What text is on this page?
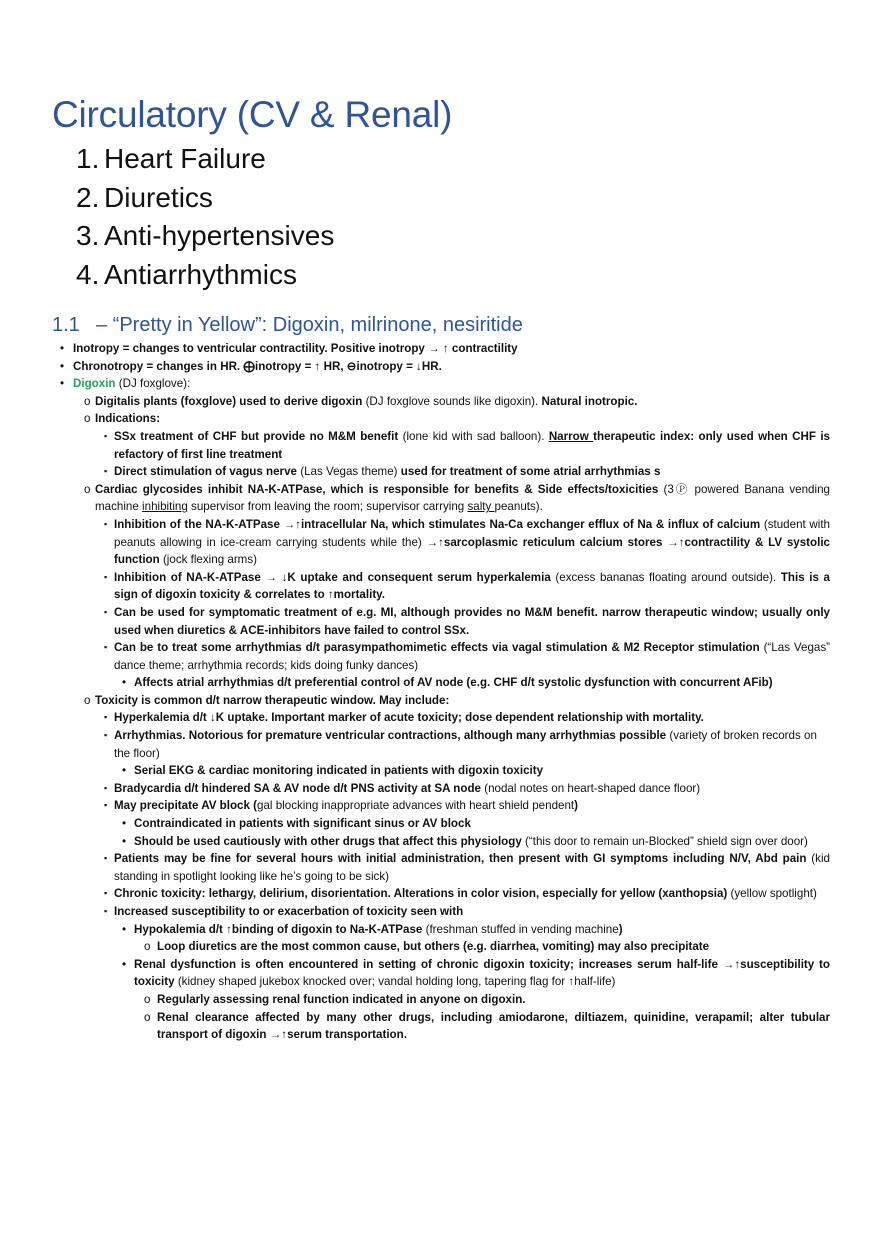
Circulatory (CV & Renal)
1. Heart Failure
2. Diuretics
3. Anti-hypertensives
4. Antiarrhythmics
1.1 – “Pretty in Yellow”: Digoxin, milrinone, nesiritide
• Inotropy = changes to ventricular contractility. Positive inotropy → ↑ contractility
• Chronotropy = changes in HR. ⨁inotropy = ↑ HR, ⊖inotropy = ↓HR.
• Digoxin (DJ foxglove):
o Digitalis plants (foxglove) used to derive digoxin (DJ foxglove sounds like digoxin). Natural inotropic.
o Indications:
▪ SSx treatment of CHF but provide no M&M benefit (lone kid with sad balloon). Narrow therapeutic index: only used when CHF is refactory of first line treatment
▪ Direct stimulation of vagus nerve (Las Vegas theme) used for treatment of some atrial arrhythmias s
o Cardiac glycosides inhibit NA-K-ATPase, which is responsible for benefits & Side effects/toxicities (3Ⓟ powered Banana vending machine inhibiting supervisor from leaving the room; supervisor carrying salty peanuts).
▪ Inhibition of the NA-K-ATPase →↑intracellular Na, which stimulates Na-Ca exchanger efflux of Na & influx of calcium (student with peanuts allowing in ice-cream carrying students while the) →↑sarcoplasmic reticulum calcium stores →↑contractility & LV systolic function (jock flexing arms)
▪ Inhibition of NA-K-ATPase → ↓K uptake and consequent serum hyperkalemia (excess bananas floating around outside). This is a sign of digoxin toxicity & correlates to ↑mortality.
▪ Can be used for symptomatic treatment of e.g. MI, although provides no M&M benefit. narrow therapeutic window; usually only used when diuretics & ACE-inhibitors have failed to control SSx.
▪ Can be to treat some arrhythmias d/t parasympathomimetic effects via vagal stimulation & M2 Receptor stimulation (“Las Vegas” dance theme; arrhythmia records; kids doing funky dances)
• Affects atrial arrhythmias d/t preferential control of AV node (e.g. CHF d/t systolic dysfunction with concurrent AFib)
o Toxicity is common d/t narrow therapeutic window. May include:
▪ Hyperkalemia d/t ↓K uptake. Important marker of acute toxicity; dose dependent relationship with mortality.
▪ Arrhythmias. Notorious for premature ventricular contractions, although many arrhythmias possible (variety of broken records on the floor)
• Serial EKG & cardiac monitoring indicated in patients with digoxin toxicity
▪ Bradycardia d/t hindered SA & AV node d/t PNS activity at SA node (nodal notes on heart-shaped dance floor)
▪ May precipitate AV block (gal blocking inappropriate advances with heart shield pendent)
• Contraindicated in patients with significant sinus or AV block
• Should be used cautiously with other drugs that affect this physiology (“this door to remain un-Blocked” shield sign over door)
▪ Patients may be fine for several hours with initial administration, then present with GI symptoms including N/V, Abd pain (kid standing in spotlight looking like he’s going to be sick)
▪ Chronic toxicity: lethargy, delirium, disorientation. Alterations in color vision, especially for yellow (xanthopsia) (yellow spotlight)
▪ Increased susceptibility to or exacerbation of toxicity seen with
• Hypokalemia d/t ↑binding of digoxin to Na-K-ATPase (freshman stuffed in vending machine)
o Loop diuretics are the most common cause, but others (e.g. diarrhea, vomiting) may also precipitate
• Renal dysfunction is often encountered in setting of chronic digoxin toxicity; increases serum half-life →↑susceptibility to toxicity (kidney shaped jukebox knocked over; vandal holding long, tapering flag for ↑half-life)
o Regularly assessing renal function indicated in anyone on digoxin.
o Renal clearance affected by many other drugs, including amiodarone, diltiazem, quinidine, verapamil; alter tubular transport of digoxin →↑serum transportation.
